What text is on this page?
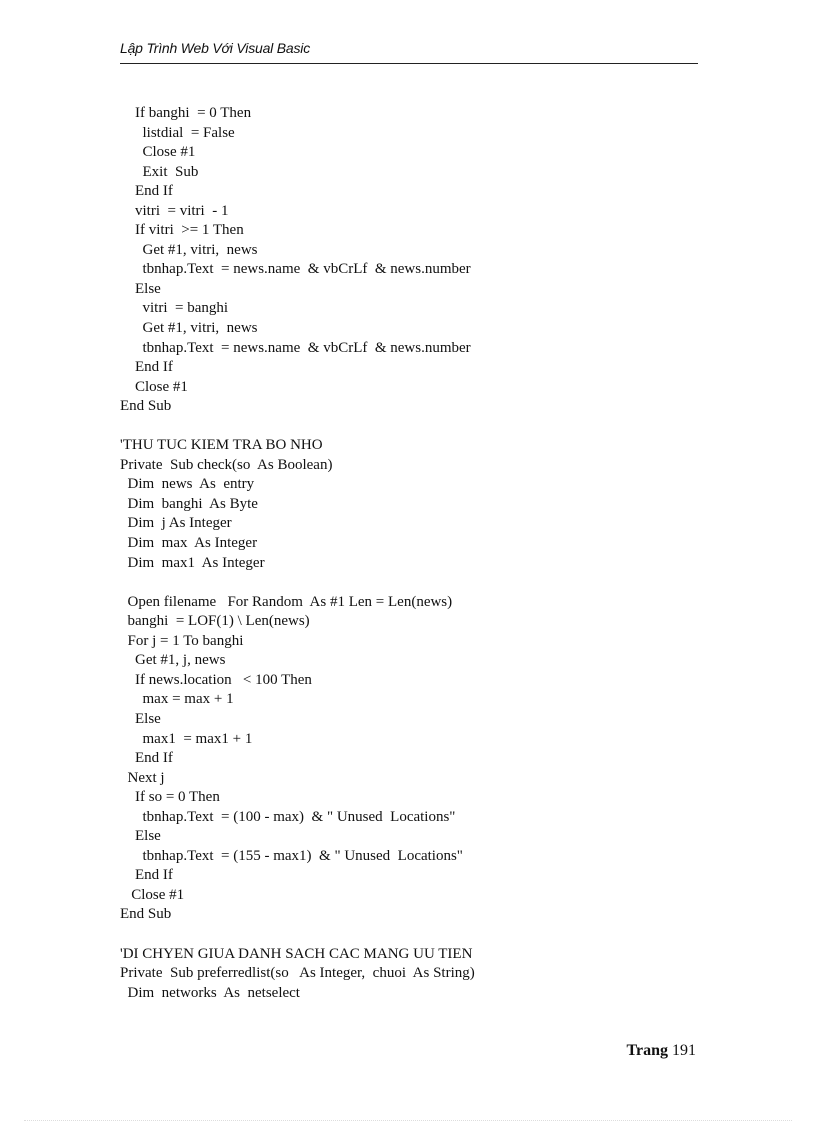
Lập Trình Web Với Visual Basic
If banghi  = 0 Then
listdial  = False
Close #1
Exit  Sub
End If
vitri  = vitri  - 1
If vitri  >= 1 Then
Get #1, vitri,  news
tbnhap.Text  = news.name  & vbCrLf  & news.number
Else
vitri  = banghi
Get #1, vitri,  news
tbnhap.Text  = news.name  & vbCrLf  & news.number
End If
Close #1
End Sub
'THU TUC KIEM TRA BO NHO
Private  Sub check(so  As Boolean)
Dim  news  As  entry
Dim  banghi  As Byte
Dim  j As Integer
Dim  max  As Integer
Dim  max1  As Integer
Open filename   For Random  As #1 Len = Len(news)
banghi  = LOF(1) \ Len(news)
For j = 1 To banghi
Get #1, j, news
If news.location   < 100 Then
max = max + 1
Else
max1  = max1 + 1
End If
Next j
If so = 0 Then
tbnhap.Text  = (100 - max)  & " Unused  Locations"
Else
tbnhap.Text  = (155 - max1)  & " Unused  Locations"
End If
Close #1
End Sub
'DI CHYEN GIUA DANH SACH CAC MANG UU TIEN
Private  Sub preferredlist(so   As Integer,  chuoi  As String)
Dim  networks  As  netselect
Trang 191
